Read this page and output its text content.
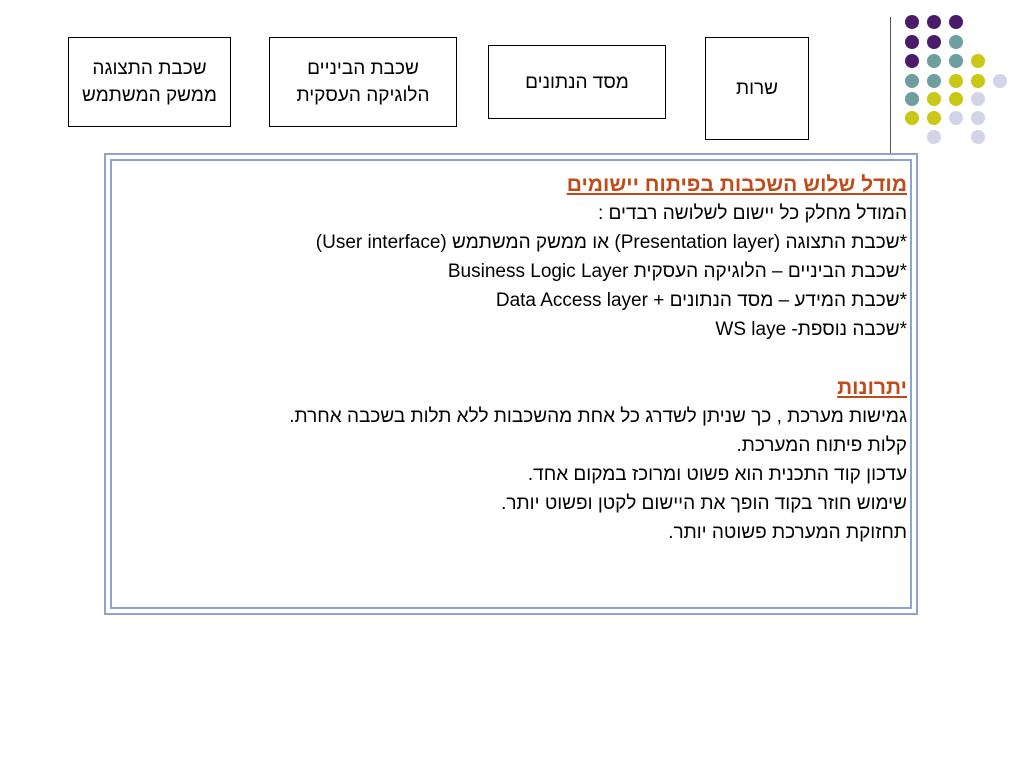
שכבת התצוגה
ממשק המשתמש
שכבת הביניים
הלוגיקה העסקית
מסד הנתונים	שרות
מודל שלוש השכבות בפיתוח יישומים
המודל מחלק כל יישום לשלושה רבדים :
*שכבת התצוגה (Presentation layer) או ממשק המשתמש (User interface)
*שכבת הביניים – הלוגיקה העסקית Business Logic Layer
*שכבת המידע – מסד הנתונים + Data Access layer
*שכבה נוספת- WS laye
יתרונות
גמישות מערכת , כך שניתן לשדרג כל אחת מהשכבות ללא תלות בשכבה אחרת.
קלות פיתוח המערכת.
עדכון קוד התכנית הוא פשוט ומרוכז במקום אחד.
שימוש חוזר בקוד הופך את היישום לקטן ופשוט יותר.
תחזוקת המערכת פשוטה יותר.
